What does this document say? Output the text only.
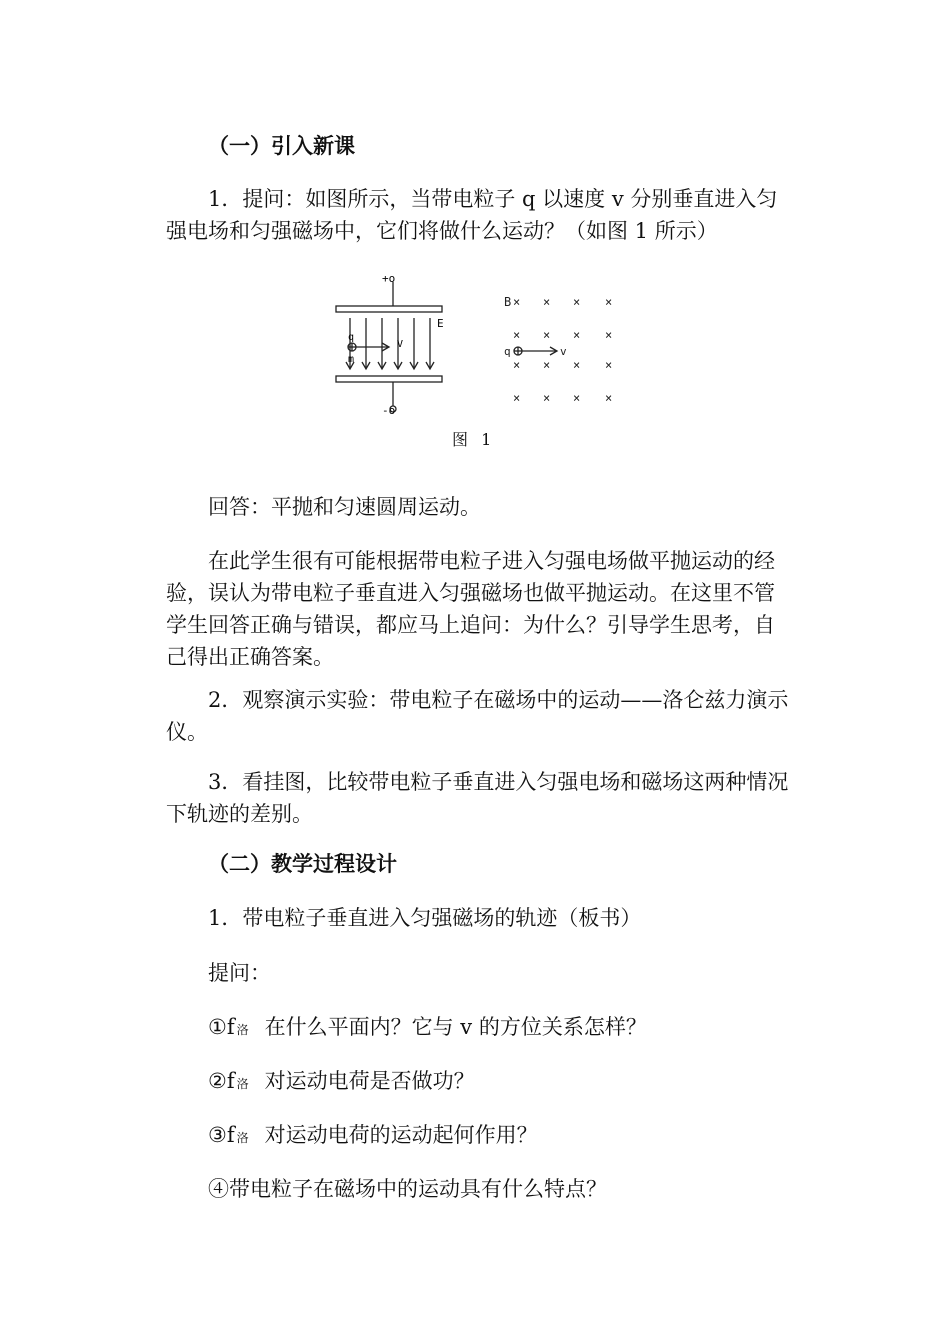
（一）引入新课
1．提问：如图所示，当带电粒子 q 以速度 v 分别垂直进入匀强电场和匀强磁场中，它们将做什么运动？（如图 1 所示）
+o
-o
E
q
m
V
B × × × ×
× × × ×
× × × ×
× × × ×
q	v
图 1
回答：平抛和匀速圆周运动。
在此学生很有可能根据带电粒子进入匀强电场做平抛运动的经验，误认为带电粒子垂直进入匀强磁场也做平抛运动。在这里不管学生回答正确与错误，都应马上追问：为什么？引导学生思考，自己得出正确答案。
2．观察演示实验：带电粒子在磁场中的运动——洛仑兹力演示仪。
3．看挂图，比较带电粒子垂直进入匀强电场和磁场这两种情况下轨迹的差别。
（二）教学过程设计
1．带电粒子垂直进入匀强磁场的轨迹（板书）
提问：
①f 洛 在什么平面内？它与 v 的方位关系怎样？
②f 洛 对运动电荷是否做功？
③f 洛 对运动电荷的运动起何作用？
④带电粒子在磁场中的运动具有什么特点？
